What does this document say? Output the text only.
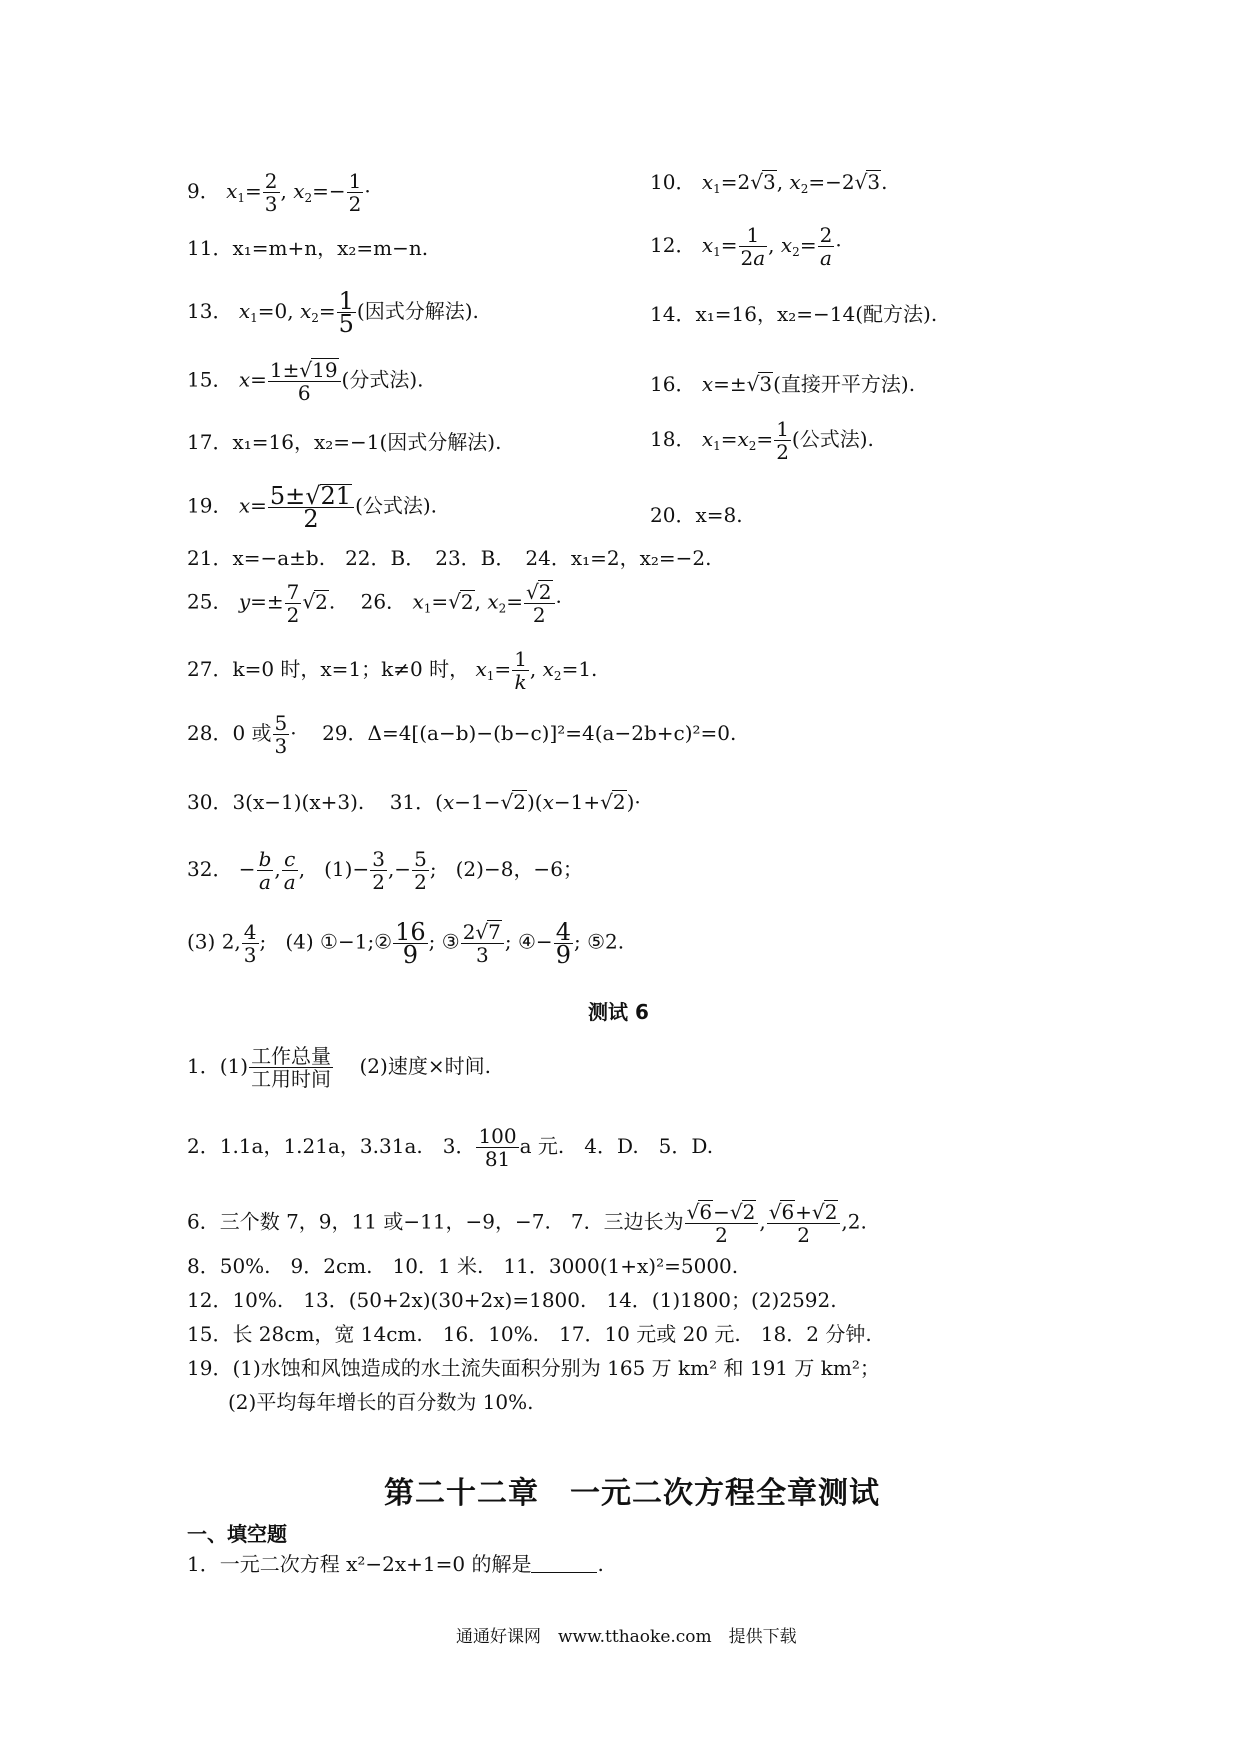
9． $x_1= \frac{2}{3}$ , $x_2=- \frac{1}{2}$ ·	10． $x_1=2√3$, $x_2=-2√3$.
11．x₁=m+n，x₂=m−n.	12． $x_1= \frac{1}{2a}$ , $x_2= \frac{2}{a}$ ·
13． $x_1=0$, $x_2= \frac{1}{5}$ (因式分解法).	14．x₁=16，x₂=−14(配方法).
15． $x= \frac{1\pm√19}{6}$ (分式法).	16． x=±√3(直接开平方法).
17．x₁=16，x₂=−1(因式分解法).	18． $x_1=x_2= \frac{1}{2}$ (公式法).
19． $x= \frac{5\pm√21}{2}$ (公式法).	20．x=8.
21．x=−a±b.　22．B．　23．B．　24．x₁=2，x₂=−2.
25． $y=\pm \frac{7}{2} √2$.    26． $x_1=√2$, $x_2= \frac{√2}{2}$ ·
27．k=0 时，x=1；k≠0 时， $x_1= \frac{1}{k}$ , $x_2=1$.
28．0 或 $\frac{5}{3}$ ·    29．Δ=4[(a−b)−(b−c)]²=4(a−2b+c)²=0.
30．3(x−1)(x+3). 31．(x−1−√2)(x−1+√2)·
32． − $\frac{b}{a}$ , $\frac{c}{a}$ ,   $(1)- \frac{3}{2}$ ,− $\frac{5}{2}$ ;   (2)−8，−6；
(3) 2, $\frac{4}{3}$ ;   (4) ①−1;② $\frac{16}{9}$ ; ③ $\frac{2√7}{3}$ ; ④− $\frac{4}{9}$ ; ⑤2.
测试 6
1．$(1) \frac{\text{工作总量}}{\text{工用时间}} (2)$速度×时间.
2．1.1a，1.21a，3.31a.　3． $\frac{100}{81}$ a 元.　4．D.　5．D.
6．三个数 7，9，11 或−11，−9，−7.　7．三边长为 $\frac{√6-√2}{2}$ , $\frac{√6+√2}{2} ,2$.
8．50%.　9．2cm.　10．1 米.　11．3000(1+x)²=5000.
12．10%.　13．(50+2x)(30+2x)=1800.　14．(1)1800；(2)2592.
15．长 28cm，宽 14cm.　16．10%.　17．10 元或 20 元.　18．2 分钟.
19．(1)水蚀和风蚀造成的水土流失面积分别为 165 万 km² 和 191 万 km²；
(2)平均每年增长的百分数为 10%.
第二十二章　一元二次方程全章测试
一、填空题
1．一元二次方程 x²−2x+1=0 的解是	.
通通好课网　www.tthaoke.com　提供下载
